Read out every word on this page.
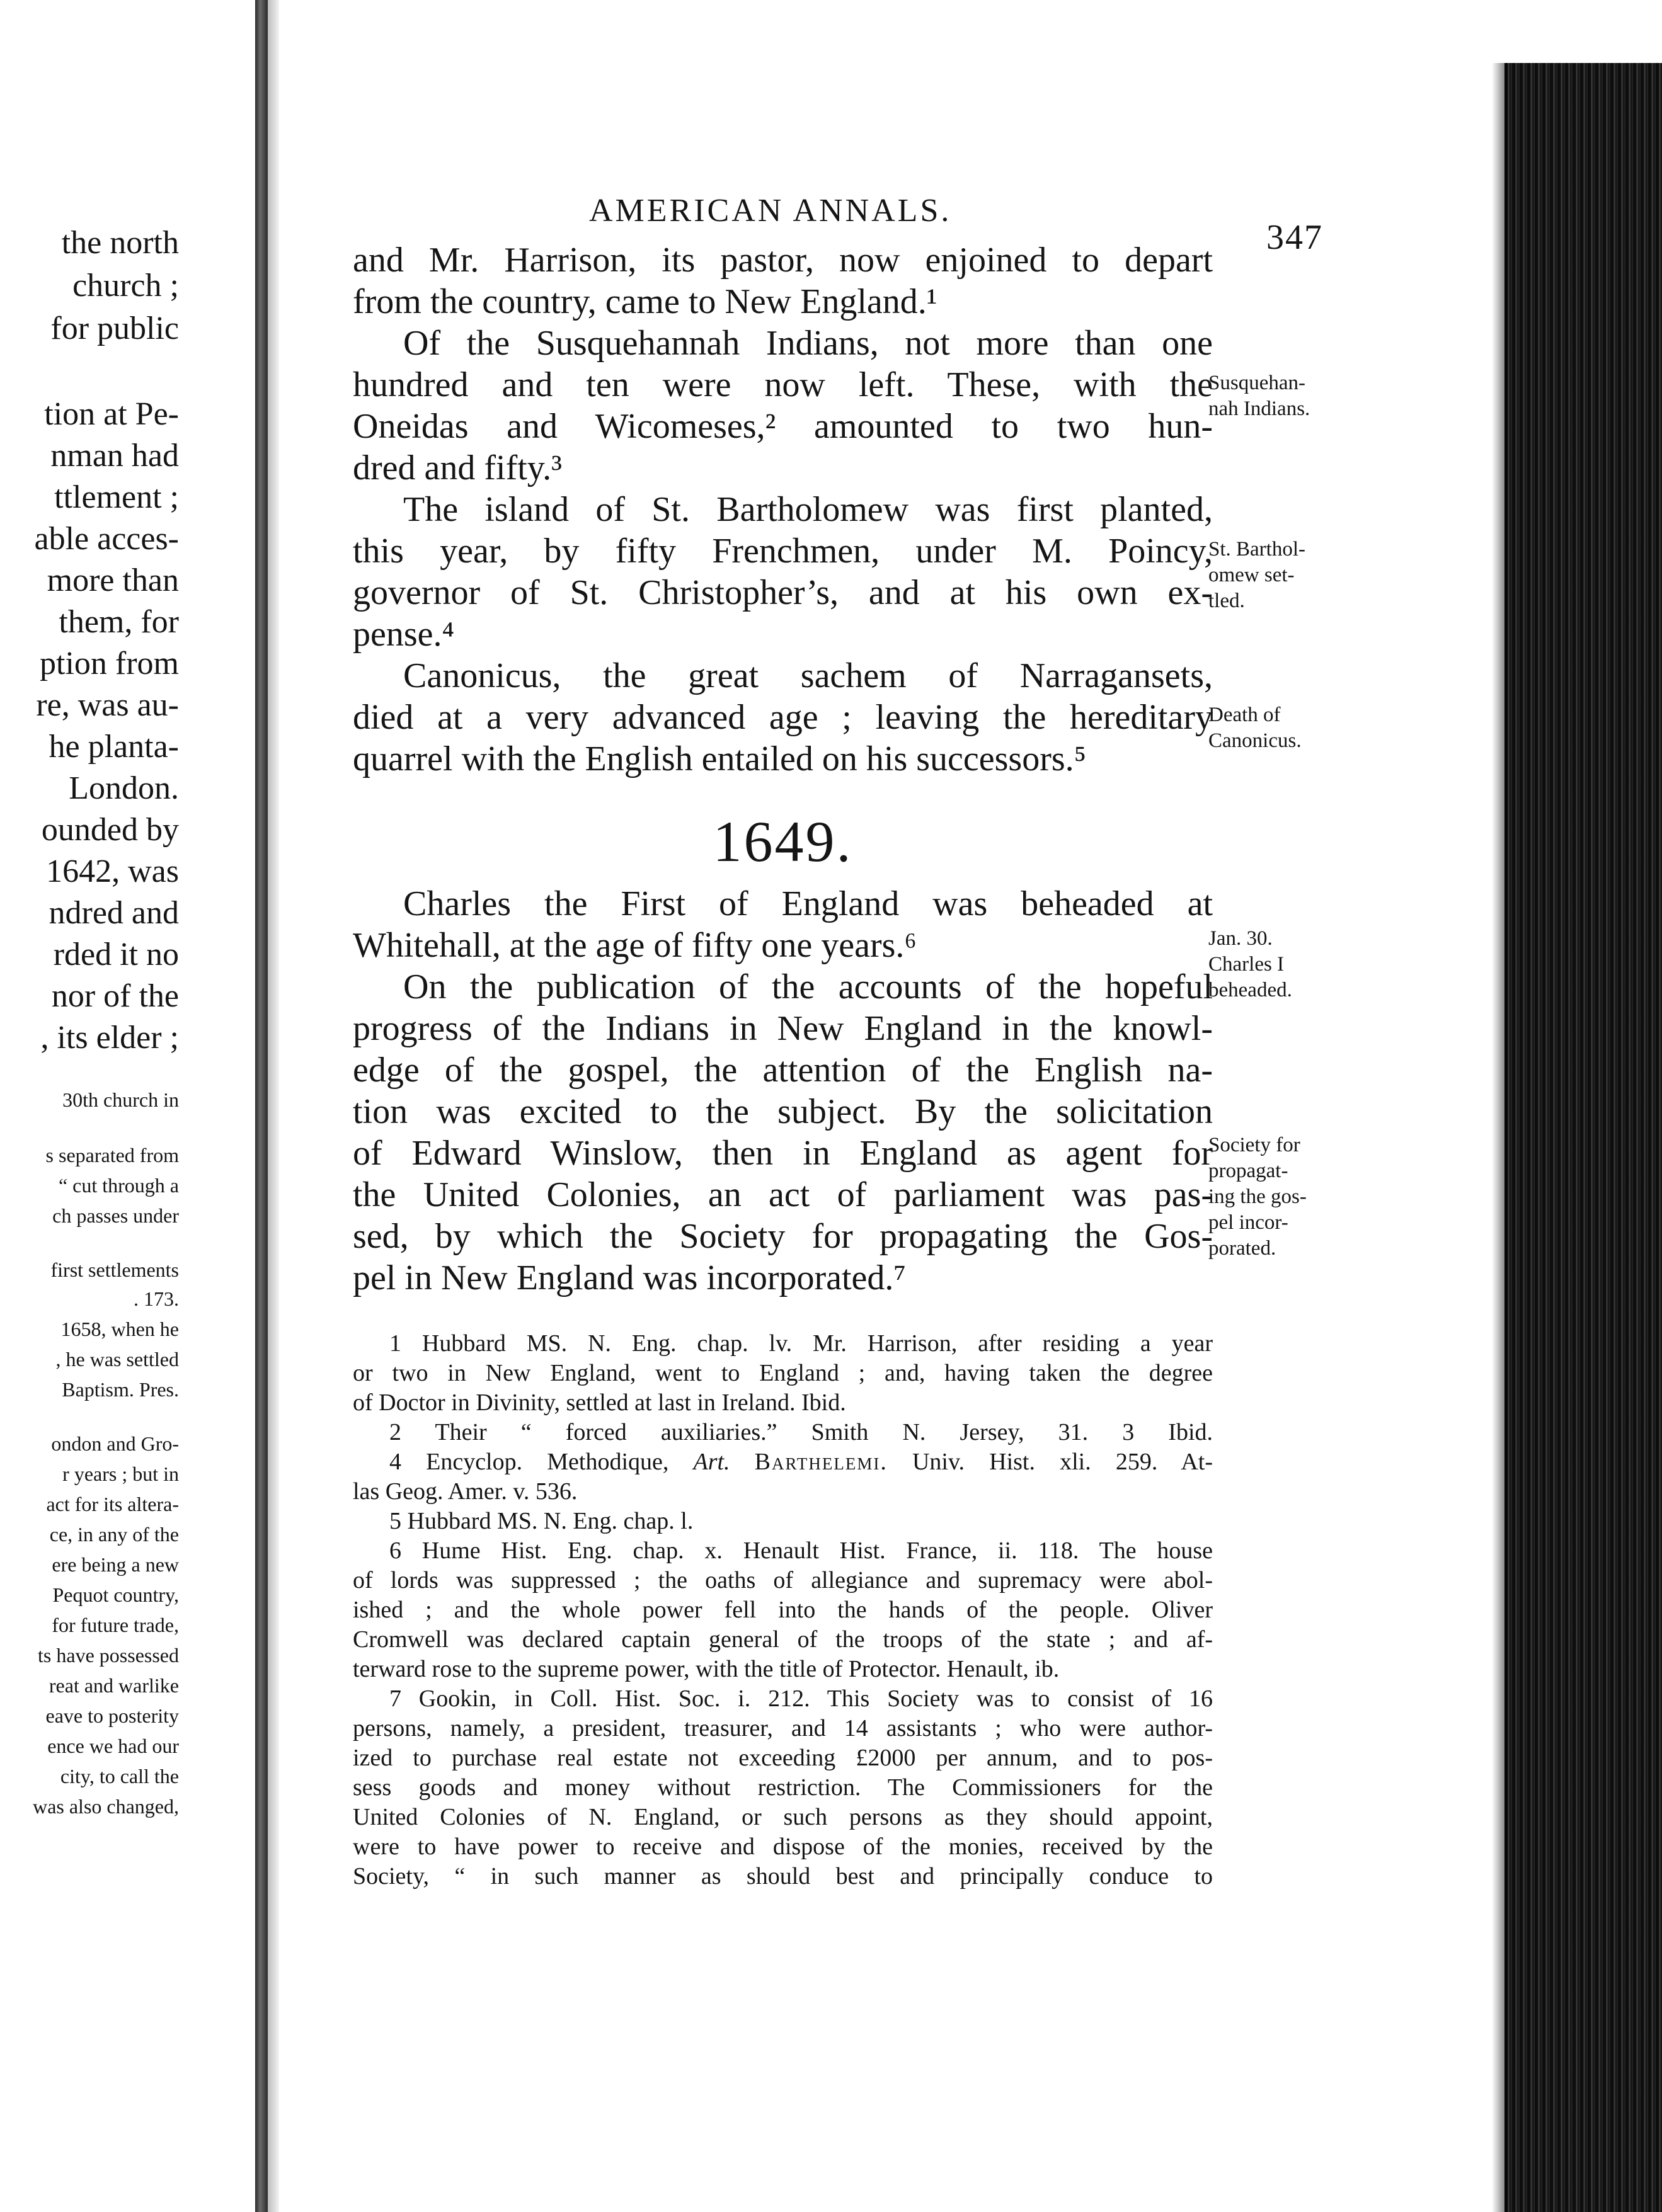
the north
church ;
for public
tion at Pe-
nman had
ttlement ;
able acces-
more than
them, for
ption from
re, was au-
he planta-
London.
ounded by
1642, was
ndred and
rded it no
nor of the
, its elder ;
30th church in
s separated from
“ cut through a
ch passes under
first settlements
. 173.
1658, when he
, he was settled
Baptism. Pres.
ondon and Gro-
r years ; but in
act for its altera-
ce, in any of the
ere being a new
Pequot country,
for future trade,
ts have possessed
reat and warlike
eave to posterity
ence we had our
city, to call the
was also changed,
AMERICAN ANNALS.
347
and Mr. Harrison, its pastor, now enjoined to depart
from the country, came to New England.¹
Of the Susquehannah Indians, not more than one
hundred and ten were now left. These, with the
Oneidas and Wicomeses,² amounted to two hun-
dred and fifty.³
The island of St. Bartholomew was first planted,
this year, by fifty Frenchmen, under M. Poincy,
governor of St. Christopher’s, and at his own ex-
pense.⁴
Canonicus, the great sachem of Narragansets,
died at a very advanced age ; leaving the hereditary
quarrel with the English entailed on his successors.⁵
1649.
Charles the First of England was beheaded at
Whitehall, at the age of fifty one years.⁶
On the publication of the accounts of the hopeful
progress of the Indians in New England in the knowl-
edge of the gospel, the attention of the English na-
tion was excited to the subject. By the solicitation
of Edward Winslow, then in England as agent for
the United Colonies, an act of parliament was pas-
sed, by which the Society for propagating the Gos-
pel in New England was incorporated.⁷
1 Hubbard MS. N. Eng. chap. lv. Mr. Harrison, after residing a year
or two in New England, went to England ; and, having taken the degree
of Doctor in Divinity, settled at last in Ireland. Ibid.
2 Their “ forced auxiliaries.” Smith N. Jersey, 31. 3 Ibid.
4 Encyclop. Methodique, Art. Barthelemi. Univ. Hist. xli. 259. At-
las Geog. Amer. v. 536.
5 Hubbard MS. N. Eng. chap. l.
6 Hume Hist. Eng. chap. x. Henault Hist. France, ii. 118. The house
of lords was suppressed ; the oaths of allegiance and supremacy were abol-
ished ; and the whole power fell into the hands of the people. Oliver
Cromwell was declared captain general of the troops of the state ; and af-
terward rose to the supreme power, with the title of Protector. Henault, ib.
7 Gookin, in Coll. Hist. Soc. i. 212. This Society was to consist of 16
persons, namely, a president, treasurer, and 14 assistants ; who were author-
ized to purchase real estate not exceeding £2000 per annum, and to pos-
sess goods and money without restriction. The Commissioners for the
United Colonies of N. England, or such persons as they should appoint,
were to have power to receive and dispose of the monies, received by the
Society, “ in such manner as should best and principally conduce to
Susquehan-
nah Indians.
St. Barthol-
omew set-
tled.
Death of
Canonicus.
Jan. 30.
Charles I
beheaded.
Society for
propagat-
ing the gos-
pel incor-
porated.
